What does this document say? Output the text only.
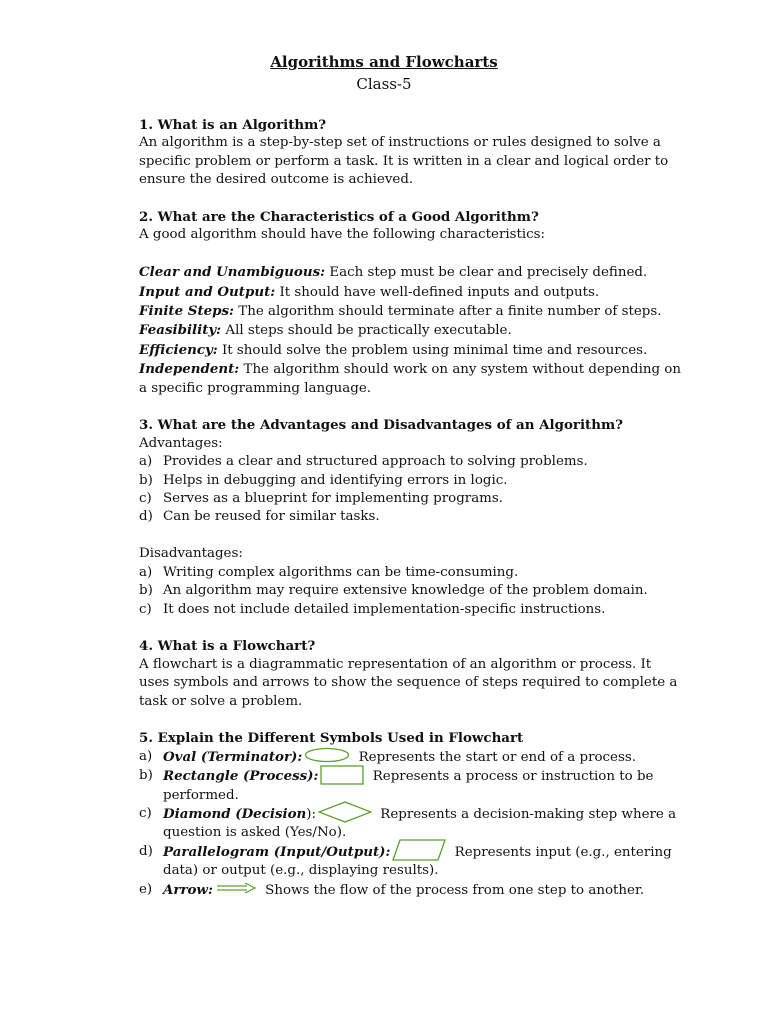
Algorithms and Flowcharts
Class-5

1. What is an Algorithm?

An algorithm is a step-by-step set of instructions or rules designed to solve a specific problem or perform a task. It is written in a clear and logical order to ensure the desired outcome is achieved.

2. What are the Characteristics of a Good Algorithm?

A good algorithm should have the following characteristics:

Clear and Unambiguous: Each step must be clear and precisely defined.

Input and Output: It should have well-defined inputs and outputs.

Finite Steps: The algorithm should terminate after a finite number of steps.

Feasibility: All steps should be practically executable.

Efficiency: It should solve the problem using minimal time and resources.

Independent: The algorithm should work on any system without depending on a specific programming language.

3. What are the Advantages and Disadvantages of an Algorithm?

Advantages:

a) Provides a clear and structured approach to solving problems.
b) Helps in debugging and identifying errors in logic.
c) Serves as a blueprint for implementing programs.
d) Can be reused for similar tasks.

Disadvantages:

a) Writing complex algorithms can be time-consuming.
b) An algorithm may require extensive knowledge of the problem domain.
c) It does not include detailed implementation-specific instructions.

4. What is a Flowchart?

A flowchart is a diagrammatic representation of an algorithm or process. It uses symbols and arrows to show the sequence of steps required to complete a task or solve a problem.

5. Explain the Different Symbols Used in Flowchart

a) Oval (Terminator):	Represents the start or end of a process.
b) Rectangle (Process):	Represents a process or instruction to be performed.
c) Diamond (Decision):	Represents a decision-making step where a question is asked (Yes/No).
d) Parallelogram (Input/Output):	Represents input (e.g., entering data) or output (e.g., displaying results).
e) Arrow:	Shows the flow of the process from one step to another.
